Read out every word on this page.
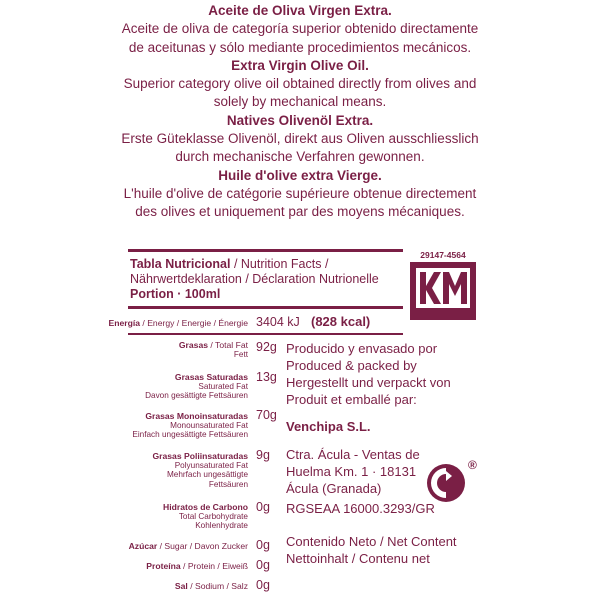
Aceite de Oliva Virgen Extra.
Aceite de oliva de categoría superior obtenido directamente
de aceitunas y sólo mediante procedimientos mecánicos.
Extra Virgin Olive Oil.
Superior category olive oil obtained directly from olives and
solely by mechanical means.
Natives Olivenöl Extra.
Erste Güteklasse Olivenöl, direkt aus Oliven ausschliesslich
durch mechanische Verfahren gewonnen.
Huile d'olive extra Vierge.
L'huile d'olive de catégorie supérieure obtenue directement
des olives et uniquement par des moyens mécaniques.
Tabla Nutricional / Nutrition Facts /
Nährwertdeklaration / Déclaration Nutrionelle
Portion · 100ml
Energía / Energy / Energie / Énergie 3404 kJ (828 kcal)
Grasas / Total Fat
Fett
92g
Grasas Saturadas
Saturated Fat
Davon gesättigte Fettsäuren
13g
Grasas Monoinsaturadas
Monounsaturated Fat
Einfach ungesättigte Fettsäuren
70g
Grasas Poliinsaturadas
Polyunsaturated Fat
Mehrfach ungesättigte
Fettsäuren
9g
Hidratos de Carbono
Total Carbohydrate
Kohlenhydrate
0g
Azúcar / Sugar / Davon Zucker 0g
Proteína / Protein / Eiweiß 0g
Sal / Sodium / Salz 0g
Producido y envasado por
Produced & packed by
Hergestellt und verpackt von
Produit et emballé par:
Venchipa S.L.
Ctra. Ácula - Ventas de
Huelma Km. 1 · 18131
Ácula (Granada)
RGSEAA 16000.3293/GR
Contenido Neto / Net Content
Nettoinhalt / Contenu net
29147-4564
PARVE
®
